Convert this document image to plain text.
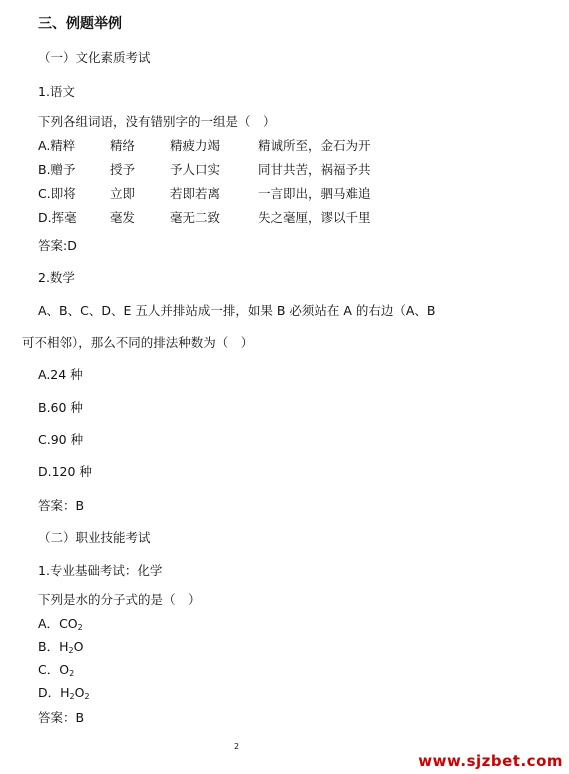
三、例题举例
（一）文化素质考试
1.语文
下列各组词语，没有错别字的一组是（　）

A.精粹

	精络

	精疲力竭

	精诚所至，金石为开

B.赠予

	授予

	予人口实

	同甘共苦，祸福予共

C.即将

	立即

	若即若离

	一言即出，驷马难追

D.挥毫

	毫发

	毫无二致

	失之毫厘，谬以千里

答案:D
2.数学
A、B、C、D、E 五人并排站成一排，如果 B 必须站在 A 的右边（A、B
可不相邻），那么不同的排法种数为（　）
A.24 种
B.60 种
C.90 种
D.120 种
答案：B
（二）职业技能考试
1.专业基础考试：化学
下列是水的分子式的是（　）
A．$CO_2$
B．$H_2O$
C．$O_2$
D．$H_2O_2$
答案：B
2
www.sjzbet.com
